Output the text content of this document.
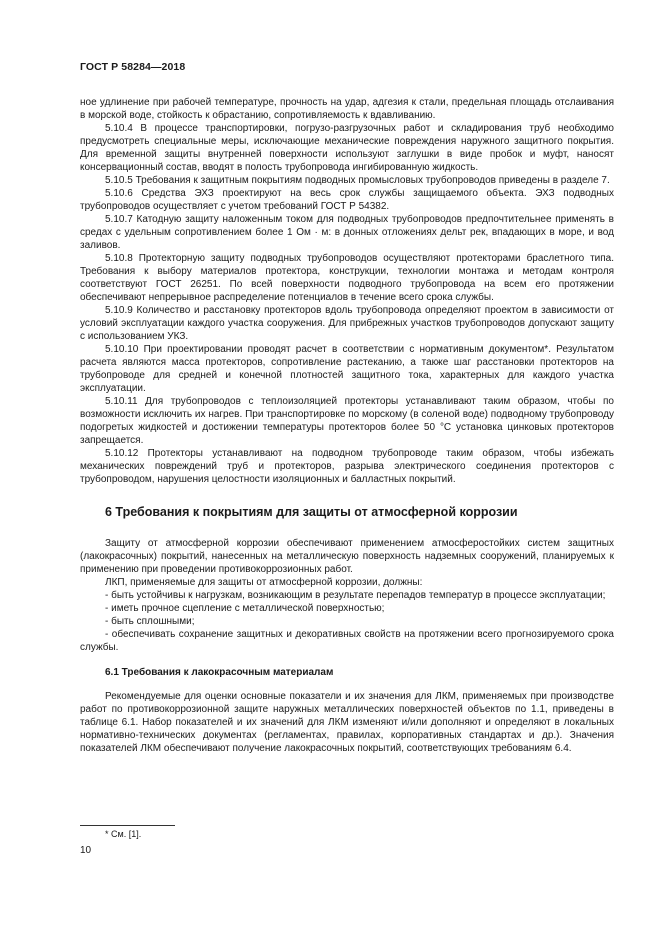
ГОСТ Р 58284—2018

ное удлинение при рабочей температуре, прочность на удар, адгезия к стали, предельная площадь отслаивания в морской воде, стойкость к обрастанию, сопротивляемость к вдавливанию.

5.10.4 В процессе транспортировки, погрузо-разгрузочных работ и складирования труб необходимо предусмотреть специальные меры, исключающие механические повреждения наружного защитного покрытия. Для временной защиты внутренней поверхности используют заглушки в виде пробок и муфт, наносят консервационный состав, вводят в полость трубопровода ингибированную жидкость.

5.10.5 Требования к защитным покрытиям подводных промысловых трубопроводов приведены в разделе 7.

5.10.6 Средства ЭХЗ проектируют на весь срок службы защищаемого объекта. ЭХЗ подводных трубопроводов осуществляет с учетом требований ГОСТ Р 54382.

5.10.7 Катодную защиту наложенным током для подводных трубопроводов предпочтительнее применять в средах с удельным сопротивлением более 1 Ом · м: в донных отложениях дельт рек, впадающих в море, и вод заливов.

5.10.8 Протекторную защиту подводных трубопроводов осуществляют протекторами браслетного типа. Требования к выбору материалов протектора, конструкции, технологии монтажа и методам контроля соответствуют ГОСТ 26251. По всей поверхности подводного трубопровода на всем его протяжении обеспечивают непрерывное распределение потенциалов в течение всего срока службы.

5.10.9 Количество и расстановку протекторов вдоль трубопровода определяют проектом в зависимости от условий эксплуатации каждого участка сооружения. Для прибрежных участков трубопроводов допускают защиту с использованием УКЗ.

5.10.10 При проектировании проводят расчет в соответствии с нормативным документом*. Результатом расчета являются масса протекторов, сопротивление растеканию, а также шаг расстановки протекторов на трубопроводе для средней и конечной плотностей защитного тока, характерных для каждого участка эксплуатации.

5.10.11 Для трубопроводов с теплоизоляцией протекторы устанавливают таким образом, чтобы по возможности исключить их нагрев. При транспортировке по морскому (в соленой воде) подводному трубопроводу подогретых жидкостей и достижении температуры протекторов более 50 °С установка цинковых протекторов запрещается.

5.10.12 Протекторы устанавливают на подводном трубопроводе таким образом, чтобы избежать механических повреждений труб и протекторов, разрыва электрического соединения протекторов с трубопроводом, нарушения целостности изоляционных и балластных покрытий.

6 Требования к покрытиям для защиты от атмосферной коррозии

Защиту от атмосферной коррозии обеспечивают применением атмосферостойких систем защитных (лакокрасочных) покрытий, нанесенных на металлическую поверхность надземных сооружений, планируемых к применению при проведении противокоррозионных работ.

ЛКП, применяемые для защиты от атмосферной коррозии, должны:

- быть устойчивы к нагрузкам, возникающим в результате перепадов температур в процессе эксплуатации;

- иметь прочное сцепление с металлической поверхностью;

- быть сплошными;

- обеспечивать сохранение защитных и декоративных свойств на протяжении всего прогнозируемого срока службы.

6.1 Требования к лакокрасочным материалам

Рекомендуемые для оценки основные показатели и их значения для ЛКМ, применяемых при производстве работ по противокоррозионной защите наружных металлических поверхностей объектов по 1.1, приведены в таблице 6.1. Набор показателей и их значений для ЛКМ изменяют и/или дополняют и определяют в локальных нормативно-технических документах (регламентах, правилах, корпоративных стандартах и др.). Значения показателей ЛКМ обеспечивают получение лакокрасочных покрытий, соответствующих требованиям 6.4.

* См. [1].
10
